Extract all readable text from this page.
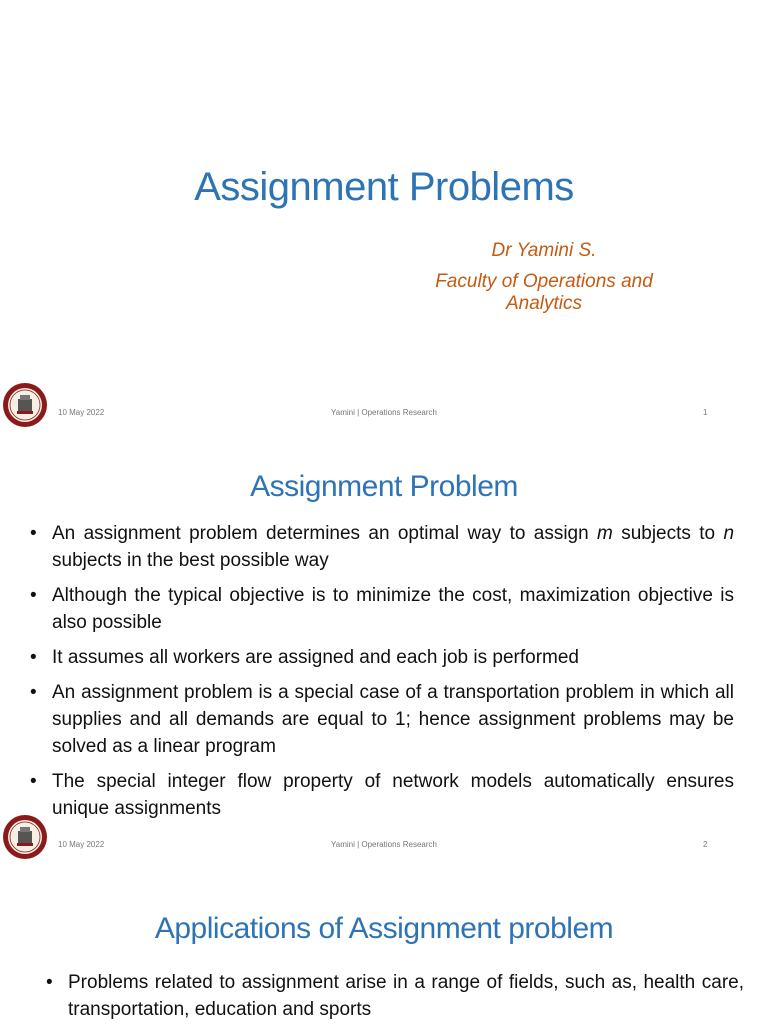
Assignment Problems
Dr Yamini S.
Faculty of Operations and
Analytics
10 May 2022	Yamini | Operations Research	1
Assignment Problem
• An assignment problem determines an optimal way to assign m subjects to n subjects in the best possible way
• Although the typical objective is to minimize the cost, maximization objective is also possible
• It assumes all workers are assigned and each job is performed
• An assignment problem is a special case of a transportation problem in which all supplies and all demands are equal to 1; hence assignment problems may be solved as a linear program
• The special integer flow property of network models automatically ensures unique assignments
10 May 2022	Yamini | Operations Research	2
Applications of Assignment problem
• Problems related to assignment arise in a range of fields, such as, health care, transportation, education and sports
